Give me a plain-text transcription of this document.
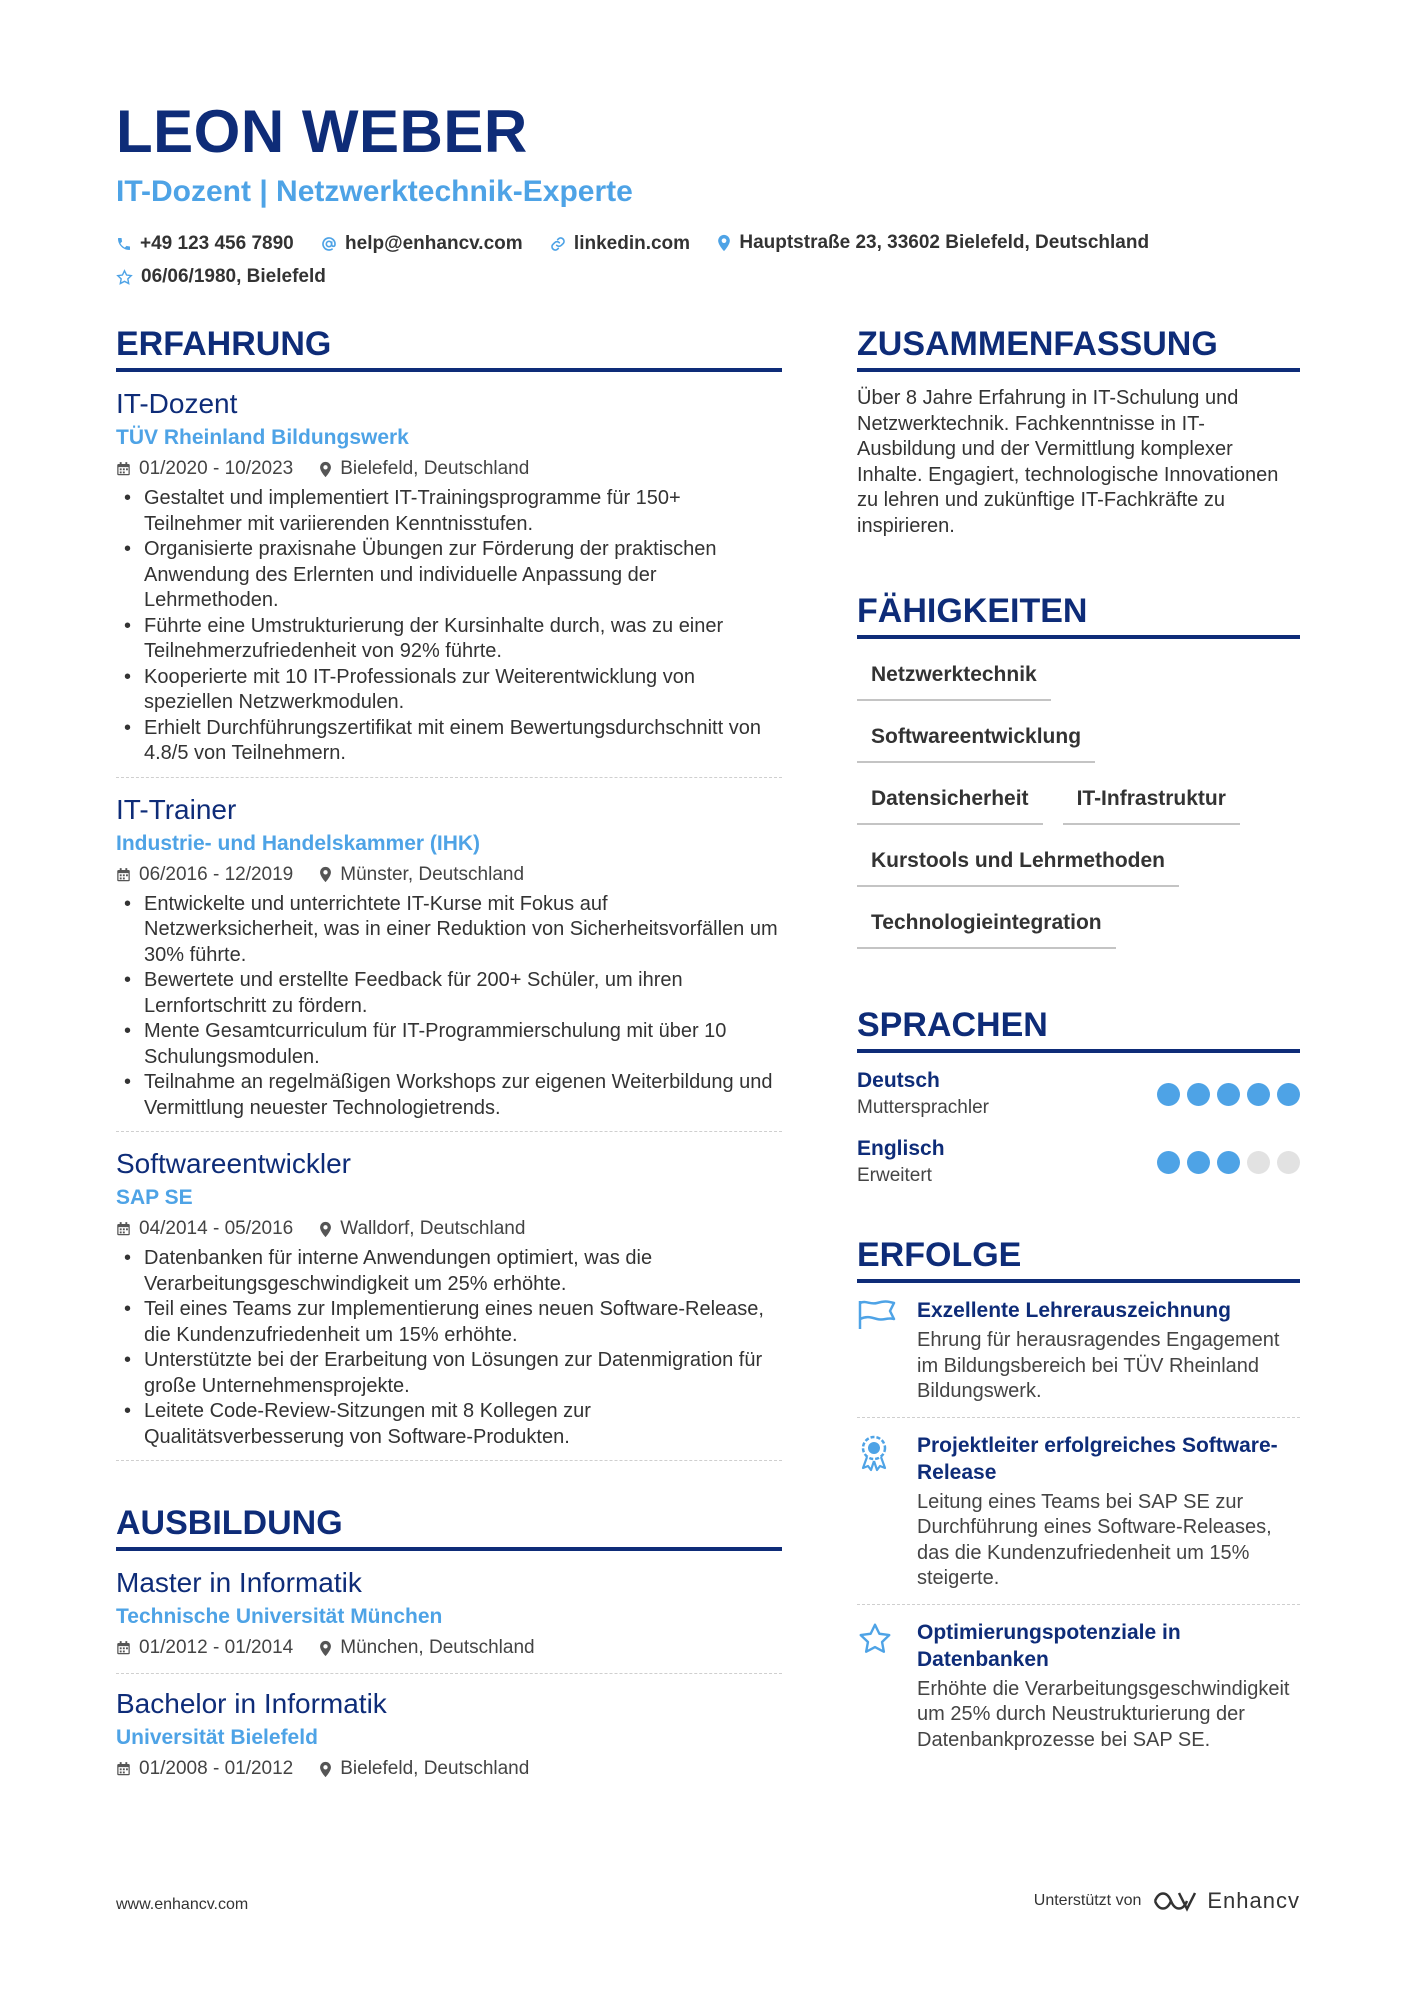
LEON WEBER
IT-Dozent | Netzwerktechnik-Experte
+49 123 456 7890
	help@enhancv.com
	linkedin.com
	Hauptstraße 23, 33602 Bielefeld, Deutschland

06/06/1980, Bielefeld
ERFAHRUNG
IT-Dozent
TÜV Rheinland Bildungswerk
01/2020 - 10/2023 Bielefeld, Deutschland
• Gestaltet und implementiert IT-Trainingsprogramme für 150+ Teilnehmer mit variierenden Kenntnisstufen.
• Organisierte praxisnahe Übungen zur Förderung der praktischen Anwendung des Erlernten und individuelle Anpassung der Lehrmethoden.
• Führte eine Umstrukturierung der Kursinhalte durch, was zu einer Teilnehmerzufriedenheit von 92% führte.
• Kooperierte mit 10 IT-Professionals zur Weiterentwicklung von speziellen Netzwerkmodulen.
• Erhielt Durchführungszertifikat mit einem Bewertungsdurchschnitt von 4.8/5 von Teilnehmern.
IT-Trainer
Industrie- und Handelskammer (IHK)
06/2016 - 12/2019 Münster, Deutschland
• Entwickelte und unterrichtete IT-Kurse mit Fokus auf Netzwerksicherheit, was in einer Reduktion von Sicherheitsvorfällen um 30% führte.
• Bewertete und erstellte Feedback für 200+ Schüler, um ihren Lernfortschritt zu fördern.
• Mente Gesamtcurriculum für IT-Programmierschulung mit über 10 Schulungsmodulen.
• Teilnahme an regelmäßigen Workshops zur eigenen Weiterbildung und Vermittlung neuester Technologietrends.
Softwareentwickler
SAP SE
04/2014 - 05/2016 Walldorf, Deutschland
• Datenbanken für interne Anwendungen optimiert, was die Verarbeitungsgeschwindigkeit um 25% erhöhte.
• Teil eines Teams zur Implementierung eines neuen Software-Release, die Kundenzufriedenheit um 15% erhöhte.
• Unterstützte bei der Erarbeitung von Lösungen zur Datenmigration für große Unternehmensprojekte.
• Leitete Code-Review-Sitzungen mit 8 Kollegen zur Qualitätsverbesserung von Software-Produkten.
AUSBILDUNG
Master in Informatik
Technische Universität München
01/2012 - 01/2014 München, Deutschland
Bachelor in Informatik
Universität Bielefeld
01/2008 - 01/2012 Bielefeld, Deutschland
ZUSAMMENFASSUNG
Über 8 Jahre Erfahrung in IT-Schulung und Netzwerktechnik. Fachkenntnisse in IT-Ausbildung und der Vermittlung komplexer Inhalte. Engagiert, technologische Innovationen zu lehren und zukünftige IT-Fachkräfte zu inspirieren.
FÄHIGKEITEN
Netzwerktechnik
Softwareentwicklung
Datensicherheit	IT-Infrastruktur
Kurstools und Lehrmethoden
Technologieintegration
SPRACHEN
Deutsch
Muttersprachler
Englisch
Erweitert
ERFOLGE
Exzellente Lehrerauszeichnung
Ehrung für herausragendes Engagement im Bildungsbereich bei TÜV Rheinland Bildungswerk.
Projektleiter erfolgreiches Software-Release
Leitung eines Teams bei SAP SE zur Durchführung eines Software-Releases, das die Kundenzufriedenheit um 15% steigerte.
Optimierungspotenziale in Datenbanken
Erhöhte die Verarbeitungsgeschwindigkeit um 25% durch Neustrukturierung der Datenbankprozesse bei SAP SE.
www.enhancv.com	Unterstützt von	Enhancv
